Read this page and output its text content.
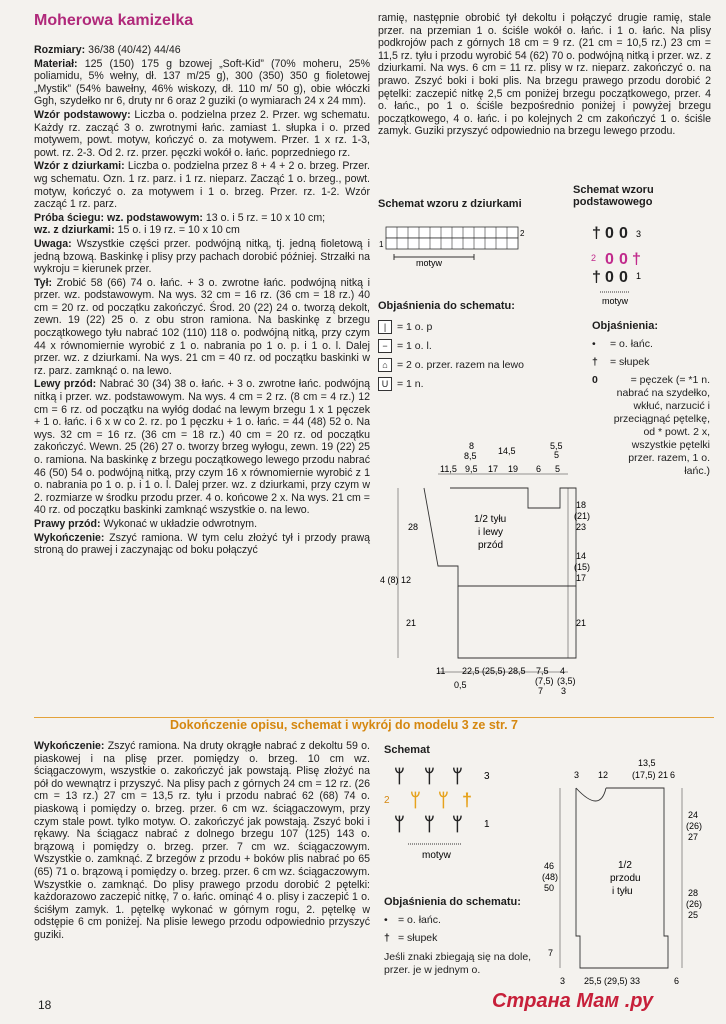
Moherowa kamizelka

Rozmiary: 36/38 (40/42) 44/46

Materiał: 125 (150) 175 g bzowej „Soft-Kid” (70% moheru, 25% poliamidu, 5% wełny, dł. 137 m/25 g), 300 (350) 350 g fioletowej „Mystik” (54% bawełny, 46% wiskozy, dł. 110 m/ 50 g), obie włóczki Ggh, szydełko nr 6, druty nr 6 oraz 2 guziki (o wymiarach 24 x 24 mm).

Wzór podstawowy: Liczba o. podzielna przez 2. Przer. wg schematu. Każdy rz. zacząć 3 o. zwrotnymi łańc. zamiast 1. słupka i o. przed motywem, powt. motyw, kończyć o. za motywem. Przer. 1 x rz. 1-3, powt. rz. 2-3. Od 2. rz. przer. pęczki wokół o. łańc. poprzedniego rz.

Wzór z dziurkami: Liczba o. podzielna przez 8 + 4 + 2 o. brzeg. Przer. wg schematu. Ozn. 1 rz. parz. i 1 rz. nieparz. Zacząć 1 o. brzeg., powt. motyw, kończyć o. za motywem i 1 o. brzeg. Przer. rz. 1-2. Wzór zacząć 1 rz. parz.

Próba ściegu: wz. podstawowym: 13 o. i 5 rz. = 10 x 10 cm;
wz. z dziurkami: 15 o. i 19 rz. = 10 x 10 cm

Uwaga: Wszystkie części przer. podwójną nitką, tj. jedną fioletową i jedną bzową. Baskinkę i plisy przy pachach dorobić później. Strzałki na wykroju = kierunek przer.

Tył: Zrobić 58 (66) 74 o. łańc. + 3 o. zwrotne łańc. podwójną nitką i przer. wz. podstawowym. Na wys. 32 cm = 16 rz. (36 cm = 18 rz.) 40 cm = 20 rz. od początku zakończyć. Środ. 20 (22) 24 o. tworzą dekolt, zewn. 19 (22) 25 o. z obu stron ramiona. Na baskinkę z brzegu początkowego tyłu nabrać 102 (110) 118 o. podwójną nitką, przy czym 44 x równomiernie wyrobić z 1 o. nabrania po 1 o. p. i 1 o. l. Dalej przer. wz. z dziurkami. Na wys. 21 cm = 40 rz. od początku baskinki w rz. parz. zamknąć o. na lewo.

Lewy przód: Nabrać 30 (34) 38 o. łańc. + 3 o. zwrotne łańc. podwójną nitką i przer. wz. podstawowym. Na wys. 4 cm = 2 rz. (8 cm = 4 rz.) 12 cm = 6 rz. od początku na wyłóg dodać na lewym brzegu 1 x 1 pęczek + 1 o. łańc. i 6 x w co 2. rz. po 1 pęczku + 1 o. łańc. = 44 (48) 52 o. Na wys. 32 cm = 16 rz. (36 cm = 18 rz.) 40 cm = 20 rz. od początku zakończyć. Wewn. 25 (26) 27 o. tworzy brzeg wyłogu, zewn. 19 (22) 25 o. ramiona. Na baskinkę z brzegu początkowego lewego przodu nabrać 46 (50) 54 o. podwójną nitką, przy czym 16 x równomiernie wyrobić z 1 o. nabrania po 1 o. p. i 1 o. l. Dalej przer. wz. z dziurkami, przy czym w 2. rozmiarze w środku przodu przer. 4 o. końcowe 2 x. Na wys. 21 cm = 40 rz. od początku baskinki zamknąć wszystkie o. na lewo.

Prawy przód: Wykonać w układzie odwrotnym.

Wykończenie: Zszyć ramiona. W tym celu złożyć tył i przody prawą stroną do prawej i zaczynając od boku połączyć

ramię, następnie obrobić tył dekoltu i połączyć drugie ramię, stale przer. na przemian 1 o. ściśle wokół o. łańc. i 1 o. łańc. Na plisy podkrojów pach z górnych 18 cm = 9 rz. (21 cm = 10,5 rz.) 23 cm = 11,5 rz. tyłu i przodu wyrobić 54 (62) 70 o. podwójną nitką i przer. wz. z dziurkami. Na wys. 6 cm = 11 rz. plisy w rz. nieparz. zakończyć o. na prawo. Zszyć boki i boki plis. Na brzegu prawego przodu dorobić 2 pętelki: zaczepić nitkę 2,5 cm poniżej brzegu początkowego, przer. 4 o. łańc., po 1 o. ściśle bezpośrednio poniżej i powyżej brzegu początkowego, 4 o. łańc. i po kolejnych 2 cm zakończyć 1 o. ściśle zamyk. Guziki przyszyć odpowiednio na brzegu lewego przodu.

Schemat wzoru z dziurkami
Schemat wzoru podstawowego
2
1
motyw
† 0 0
0 0 †
† 0 0
3
2
1
motyw
Objaśnienia do schematu:
|	= 1 o. p
− = 1 o. l.
⌂ = 2 o. przer. razem na lewo
U = 1 n.
Objaśnienia:
•	= o. łańc.
†	= słupek
0	= pęczek (= *1 n. nabrać na szydełko, wkłuć, narzucić i przeciągnąć pętelkę, od * powt. 2 x, wszystkie pętelki przer. razem, 1 o. łańc.)
1/2 tyłu i lewy przód
11,5 9,5 17 19 6 5
8
8,5 14,5	5,5
5
28
4 (8) 12
21
18
(21)
23
14
(15)
17
21
11 22,5 (25,5) 28,5 7,5
(7,5)
7
4
(3,5)
3
0,5
Dokończenie opisu, schemat i wykrój do modelu 3 ze str. 7

Wykończenie: Zszyć ramiona. Na druty okrągłe nabrać z dekoltu 59 o. piaskowej i na plisę przer. pomiędzy o. brzeg. 10 cm wz. ściągaczowym, wszystkie o. zakończyć jak powstają. Plisę złożyć na pół do wewnątrz i przyszyć. Na plisy pach z górnych 24 cm = 12 rz. (26 cm = 13 rz.) 27 cm = 13,5 rz. tyłu i przodu nabrać 62 (68) 74 o. piaskową i pomiędzy o. brzeg. przer. 6 cm wz. ściągaczowym, przy czym stale powt. tylko motyw. O. zakończyć jak powstają. Zszyć boki i rękawy. Na ściągacz nabrać z dolnego brzegu 107 (125) 143 o. brązową i pomiędzy o. brzeg. przer. 7 cm wz. ściągaczowym. Wszystkie o. zamknąć. Z brzegów z przodu + boków plis nabrać po 65 (65) 71 o. brązową i pomiędzy o. brzeg. przer. 6 cm wz. ściągaczowym. Wszystkie o. zamknąć. Do plisy prawego przodu dorobić 2 pętelki: każdorazowo zaczepić nitkę, 7 o. łańc. ominąć 4 o. plisy i zaczepić 1 o. ściśłym zamyk. 1. pętelkę wykonać w górnym rogu, 2. pętelkę w odstępie 6 cm poniżej. Na plisie lewego przodu odpowiednio przyszyć guziki.

Schemat
ᛘ ᛘ ᛘ
ᛘ ᛘ †
ᛘ ᛘ ᛘ
3
2
1
motyw
Objaśnienia do schematu:
• = o. łańc.
† = słupek
Jeśli znaki zbiegają się na dole, przer. je w jednym o.
1/2 przodu i tyłu
3 12
13,5
(17,5) 21 6
24
(26)
27
28
(26)
25
46
(48)
50
7
3 25,5 (29,5) 33	6
18	Страна Мам .ру
